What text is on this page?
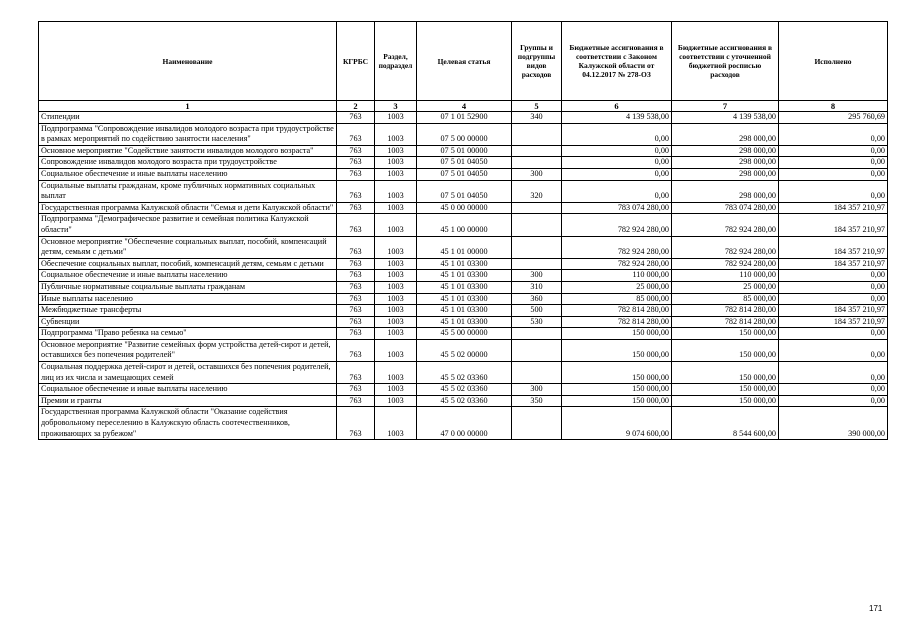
Наименование	КГРБС	Раздел, подраздел	Целевая статья	Группы и подгруппы видов расходов	Бюджетные ассигнования в соответствии с Законом Калужской области от 04.12.2017 № 278-ОЗ	Бюджетные ассигнования в соответствии с уточненной бюджетной росписью расходов	Исполнено
1	2	3	4	5	6	7	8
Стипендии	763	1003	07 1 01 52900	340	4 139 538,00	4 139 538,00	295 760,69
Подпрограмма "Сопровождение инвалидов молодого возраста при трудоустройстве в рамках мероприятий по содействию занятости населения"	763	1003	07 5 00 00000		0,00	298 000,00	0,00
Основное мероприятие "Содействие занятости инвалидов молодого возраста"	763	1003	07 5 01 00000		0,00	298 000,00	0,00
Сопровождение инвалидов молодого возраста при трудоустройстве	763	1003	07 5 01 04050		0,00	298 000,00	0,00
Социальное обеспечение и иные выплаты населению	763	1003	07 5 01 04050	300	0,00	298 000,00	0,00
Социальные выплаты гражданам, кроме публичных нормативных социальных выплат	763	1003	07 5 01 04050	320	0,00	298 000,00	0,00
Государственная программа Калужской области "Семья и дети Калужской области"	763	1003	45 0 00 00000		783 074 280,00	783 074 280,00	184 357 210,97
Подпрограмма "Демографическое развитие и семейная политика Калужской области"	763	1003	45 1 00 00000		782 924 280,00	782 924 280,00	184 357 210,97
Основное мероприятие "Обеспечение социальных выплат, пособий, компенсаций детям, семьям с детьми"	763	1003	45 1 01 00000		782 924 280,00	782 924 280,00	184 357 210,97
Обеспечение социальных выплат, пособий, компенсаций детям, семьям с детьми	763	1003	45 1 01 03300		782 924 280,00	782 924 280,00	184 357 210,97
Социальное обеспечение и иные выплаты населению	763	1003	45 1 01 03300	300	110 000,00	110 000,00	0,00
Публичные нормативные социальные выплаты гражданам	763	1003	45 1 01 03300	310	25 000,00	25 000,00	0,00
Иные выплаты населению	763	1003	45 1 01 03300	360	85 000,00	85 000,00	0,00
Межбюджетные трансферты	763	1003	45 1 01 03300	500	782 814 280,00	782 814 280,00	184 357 210,97
Субвенции	763	1003	45 1 01 03300	530	782 814 280,00	782 814 280,00	184 357 210,97
Подпрограмма "Право ребенка на семью"	763	1003	45 5 00 00000		150 000,00	150 000,00	0,00
Основное мероприятие "Развитие семейных форм устройства детей-сирот и детей, оставшихся без попечения родителей"	763	1003	45 5 02 00000		150 000,00	150 000,00	0,00
Социальная поддержка детей-сирот и детей, оставшихся без попечения родителей, лиц из их числа и замещающих семей	763	1003	45 5 02 03360		150 000,00	150 000,00	0,00
Социальное обеспечение и иные выплаты населению	763	1003	45 5 02 03360	300	150 000,00	150 000,00	0,00
Премии и гранты	763	1003	45 5 02 03360	350	150 000,00	150 000,00	0,00
Государственная программа Калужской области "Оказание содействия добровольному переселению в Калужскую область соотечественников, проживающих за рубежом"	763	1003	47 0 00 00000		9 074 600,00	8 544 600,00	390 000,00
171
